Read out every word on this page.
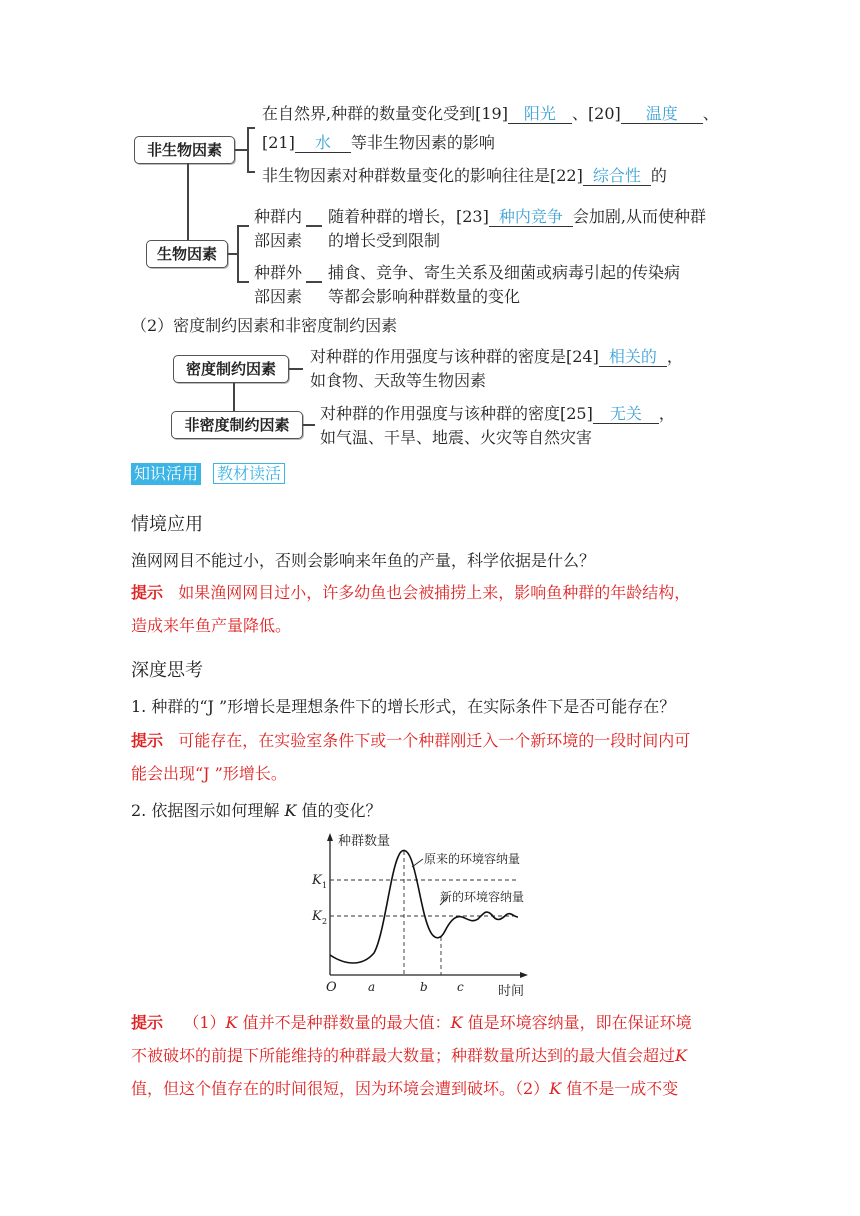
非生物因素
在自然界,种群的数量变化受到[19] 阳光 、[20] 温度 、
[21] 水 等非生物因素的影响
非生物因素对种群数量变化的影响往往是[22] 综合性 的
生物因素
种群内
部因素
随着种群的增长，[23] 种内竞争 会加剧,从而使种群
的增长受到限制
种群外
部因素
捕食、竞争、寄生关系及细菌或病毒引起的传染病
等都会影响种群数量的变化
（2）密度制约因素和非密度制约因素
密度制约因素
对种群的作用强度与该种群的密度是[24] 相关的 ，
如食物、天敌等生物因素
非密度制约因素
对种群的作用强度与该种群的密度[25] 无关 ，
如气温、干旱、地震、火灾等自然灾害
知识活用 教材读活
情境应用
渔网网目不能过小，否则会影响来年鱼的产量，科学依据是什么？
提示 如果渔网网目过小，许多幼鱼也会被捕捞上来，影响鱼种群的年龄结构，
造成来年鱼产量降低。
深度思考
1. 种群的“J ”形增长是理想条件下的增长形式，在实际条件下是否可能存在？
提示 可能存在，在实验室条件下或一个种群刚迁入一个新环境的一段时间内可
能会出现“J ”形增长。
2. 依据图示如何理解 K 值的变化？
种群数量
时间
O
K 1
K 2
a	b c
原来的环境容纳量
新的环境容纳量
提示 （1）K 值并不是种群数量的最大值：K 值是环境容纳量，即在保证环境
不被破坏的前提下所能维持的种群最大数量；种群数量所达到的最大值会超过K
值，但这个值存在的时间很短，因为环境会遭到破坏。（2）K 值不是一成不变
